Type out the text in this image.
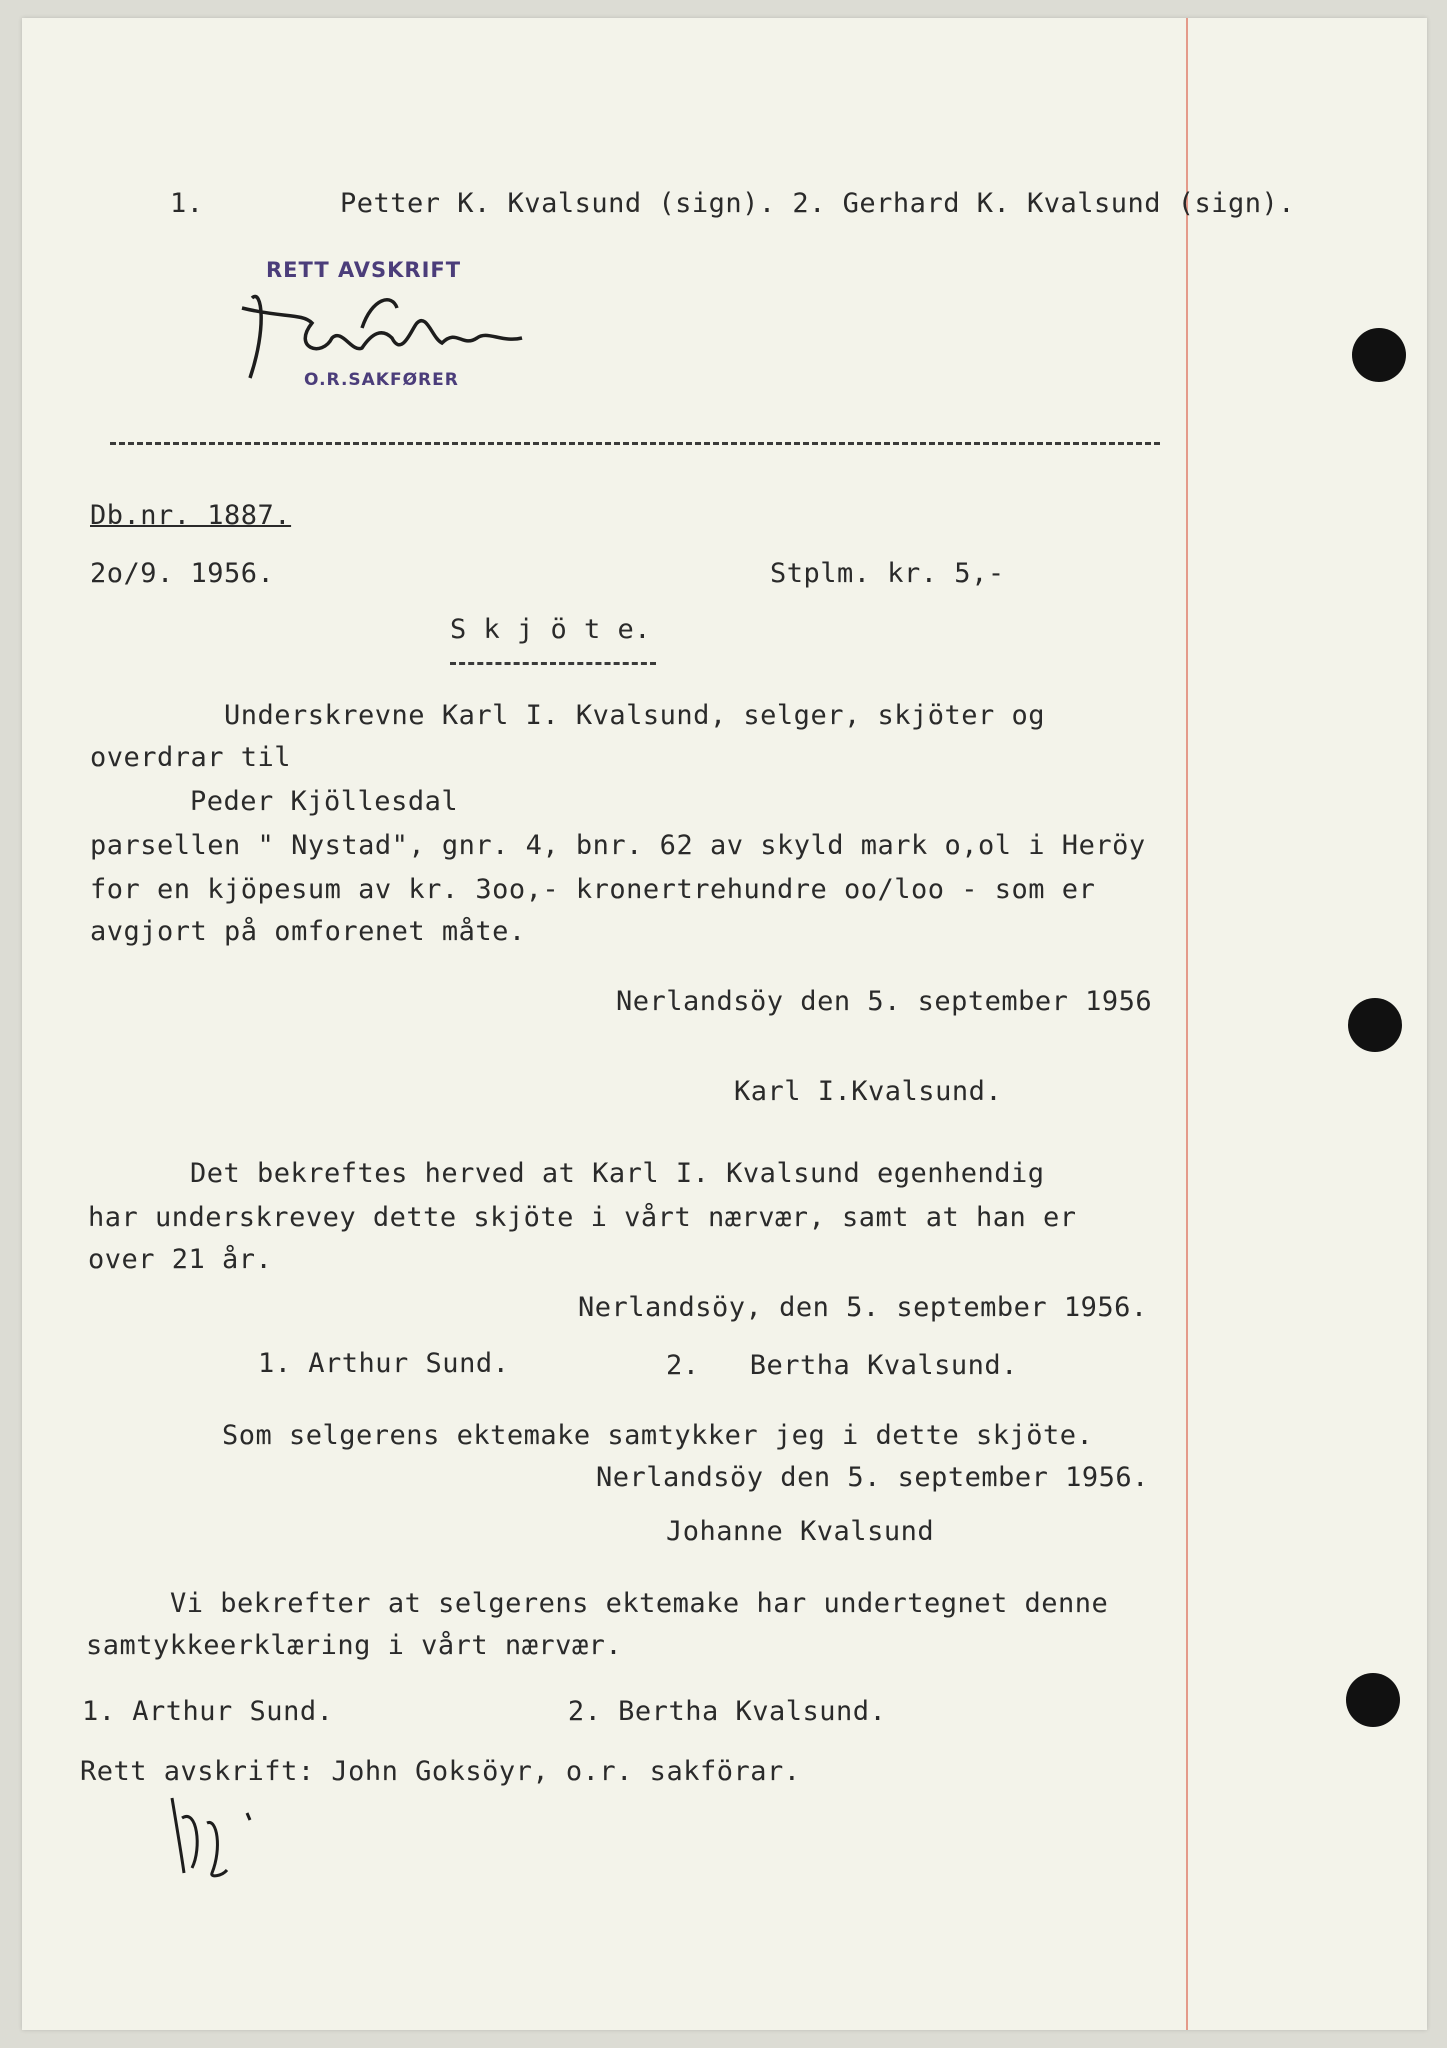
1.	Petter K. Kvalsund (sign). 2. Gerhard K. Kvalsund (sign).
RETT AVSKRIFT
O.R.SAKFØRER
Db.nr. 1887.
2o/9. 1956.	Stplm. kr. 5,-
S k j ö t e.
Underskrevne Karl I. Kvalsund, selger, skjöter og
overdrar til
Peder Kjöllesdal
parsellen " Nystad", gnr. 4, bnr. 62 av skyld mark o,ol i Heröy
for en kjöpesum av kr. 3oo,- kronertrehundre oo/loo - som er
avgjort på omforenet måte.
Nerlandsöy den 5. september 1956
Karl I.Kvalsund.
Det bekreftes herved at Karl I. Kvalsund egenhendig
har underskrevey dette skjöte i vårt nærvær, samt at han er
over 21 år.
Nerlandsöy, den 5. september 1956.
1. Arthur Sund.	2.   Bertha Kvalsund.
Som selgerens ektemake samtykker jeg i dette skjöte.
Nerlandsöy den 5. september 1956.
Johanne Kvalsund
Vi bekrefter at selgerens ektemake har undertegnet denne
samtykkeerklæring i vårt nærvær.
1. Arthur Sund.              2. Bertha Kvalsund.
Rett avskrift: John Goksöyr, o.r. sakförar.
